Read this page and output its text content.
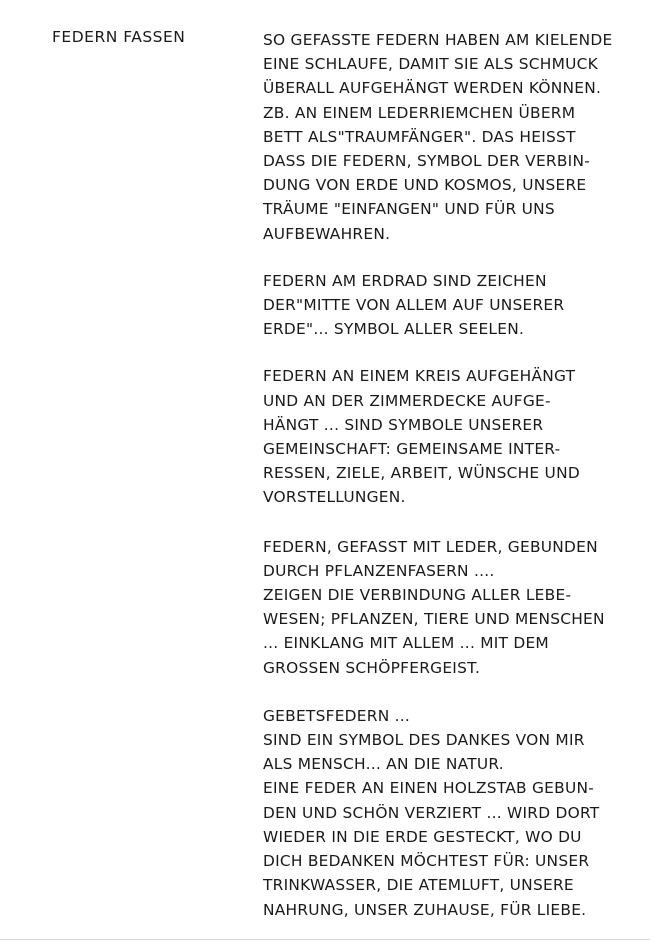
FEDERN FASSEN	SO GEFASSTE FEDERN HABEN AM KIELENDE
EINE SCHLAUFE, DAMIT SIE ALS SCHMUCK
ÜBERALL AUFGEHÄNGT WERDEN KÖNNEN.
ZB. AN EINEM LEDERRIEMCHEN ÜBERM
BETT ALS"TRAUMFÄNGER". DAS HEISST
DASS DIE FEDERN, SYMBOL DER VERBIN-
DUNG VON ERDE UND KOSMOS, UNSERE
TRÄUME "EINFANGEN" UND FÜR UNS
AUFBEWAHREN.
FEDERN AM ERDRAD SIND ZEICHEN
DER"MITTE VON ALLEM AUF UNSERER
ERDE"... SYMBOL ALLER SEELEN.
FEDERN AN EINEM KREIS AUFGEHÄNGT
UND AN DER ZIMMERDECKE AUFGE-
HÄNGT ... SIND SYMBOLE UNSERER
GEMEINSCHAFT: GEMEINSAME INTER-
RESSEN, ZIELE, ARBEIT, WÜNSCHE UND
VORSTELLUNGEN.
FEDERN, GEFASST MIT LEDER, GEBUNDEN
DURCH PFLANZENFASERN ....
ZEIGEN DIE VERBINDUNG ALLER LEBE-
WESEN; PFLANZEN, TIERE UND MENSCHEN
... EINKLANG MIT ALLEM ... MIT DEM
GROSSEN SCHÖPFERGEIST.
GEBETSFEDERN ...
SIND EIN SYMBOL DES DANKES VON MIR
ALS MENSCH... AN DIE NATUR.
EINE FEDER AN EINEN HOLZSTAB GEBUN-
DEN UND SCHÖN VERZIERT ... WIRD DORT
WIEDER IN DIE ERDE GESTECKT, WO DU
DICH BEDANKEN MÖCHTEST FÜR: UNSER
TRINKWASSER, DIE ATEMLUFT, UNSERE
NAHRUNG, UNSER ZUHAUSE, FÜR LIEBE.
